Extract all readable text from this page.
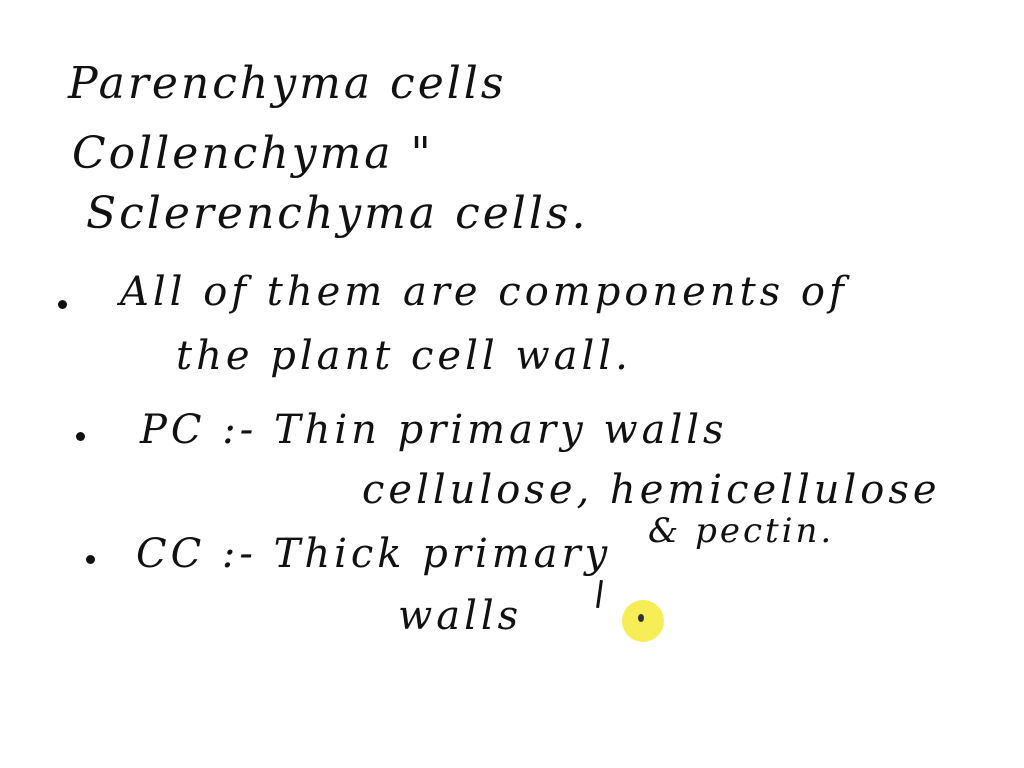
Parenchyma cells
Collenchyma "
Sclerenchyma cells.
All of them are components of
the plant cell wall.
PC :- Thin primary walls
cellulose, hemicellulose
& pectin.
CC :- Thick primary
walls
